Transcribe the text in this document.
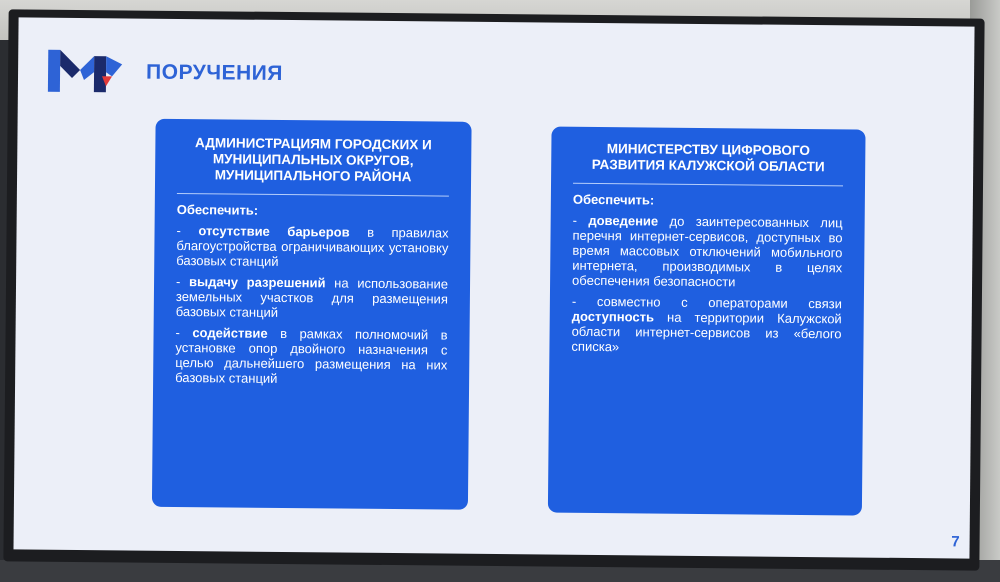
ПОРУЧЕНИЯ
АДМИНИСТРАЦИЯМ ГОРОДСКИХ И МУНИЦИПАЛЬНЫХ ОКРУГОВ, МУНИЦИПАЛЬНОГО РАЙОНА
Обеспечить:
- отсутствие барьеров в правилах благоустройства ограничивающих установку базовых станций
- выдачу разрешений на использование земельных участков для размещения базовых станций
- содействие в рамках полномочий в установке опор двойного назначения с целью дальнейшего размещения на них базовых станций
МИНИСТЕРСТВУ ЦИФРОВОГО РАЗВИТИЯ КАЛУЖСКОЙ ОБЛАСТИ
Обеспечить:
- доведение до заинтересованных лиц перечня интернет-сервисов, доступных во время массовых отключений мобильного интернета, производимых в целях обеспечения безопасности
- совместно с операторами связи доступность на территории Калужской области интернет-сервисов из «белого списка»
7
